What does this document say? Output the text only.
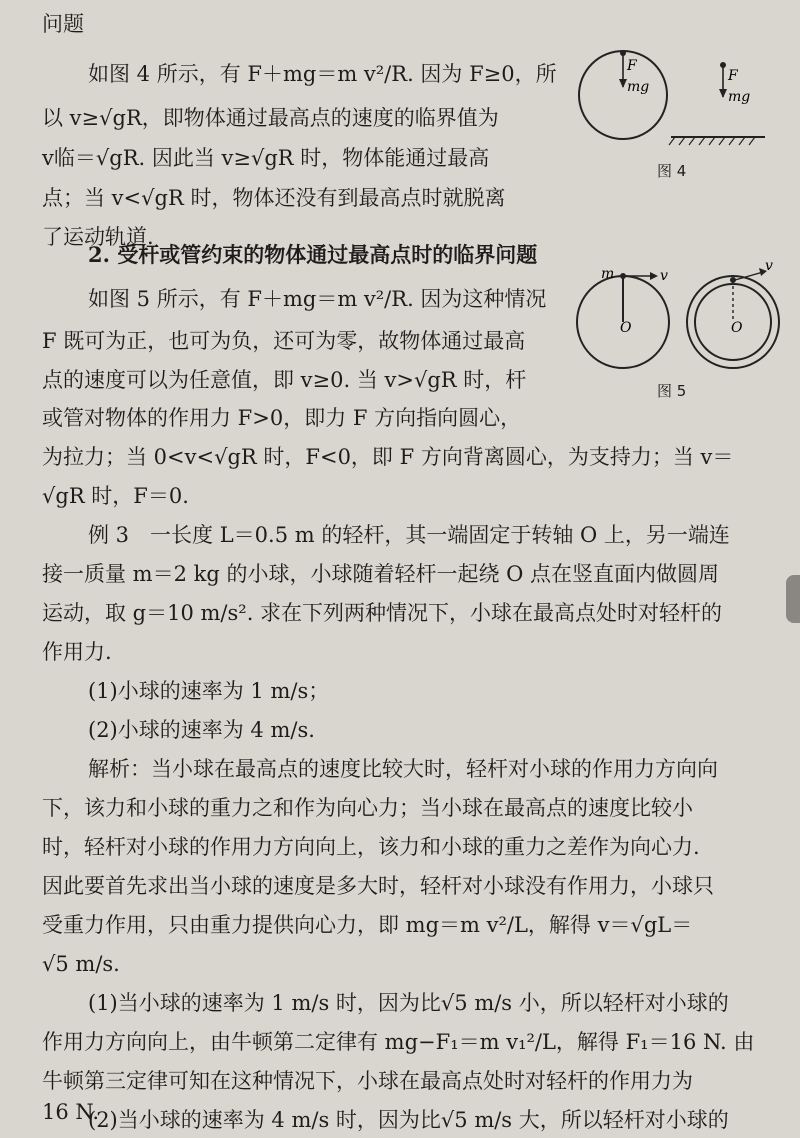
问题
如图 4 所示，有 F＋mg＝m v²/R. 因为 F≥0，所
以 v≥√gR，即物体通过最高点的速度的临界值为
v临＝√gR. 因此当 v≥√gR 时，物体能通过最高
点；当 v<√gR 时，物体还没有到最高点时就脱离
了运动轨道.
2. 受杆或管约束的物体通过最高点时的临界问题
如图 5 所示，有 F＋mg＝m v²/R. 因为这种情况
F 既可为正，也可为负，还可为零，故物体通过最高
点的速度可以为任意值，即 v≥0. 当 v>√gR 时，杆
或管对物体的作用力 F>0，即力 F 方向指向圆心，
为拉力；当 0<v<√gR 时，F<0，即 F 方向背离圆心，为支持力；当 v＝
√gR 时，F＝0.
例 3　一长度 L＝0.5 m 的轻杆，其一端固定于转轴 O 上，另一端连
接一质量 m＝2 kg 的小球，小球随着轻杆一起绕 O 点在竖直面内做圆周
运动，取 g＝10 m/s². 求在下列两种情况下，小球在最高点处时对轻杆的
作用力.
(1)小球的速率为 1 m/s；
(2)小球的速率为 4 m/s.
解析：当小球在最高点的速度比较大时，轻杆对小球的作用力方向向
下，该力和小球的重力之和作为向心力；当小球在最高点的速度比较小
时，轻杆对小球的作用力方向向上，该力和小球的重力之差作为向心力.
因此要首先求出当小球的速度是多大时，轻杆对小球没有作用力，小球只
受重力作用，只由重力提供向心力，即 mg＝m v²/L，解得 v＝√gL＝
√5 m/s.
(1)当小球的速率为 1 m/s 时，因为比√5 m/s 小，所以轻杆对小球的
作用力方向向上，由牛顿第二定律有 mg−F₁＝m v₁²/L，解得 F₁＝16 N. 由
牛顿第三定律可知在这种情况下，小球在最高点处时对轻杆的作用力为
16 N.
F
mg
F
mg
图 4
m	v
O
v
O
图 5
(2)当小球的速率为 4 m/s 时，因为比√5 m/s 大，所以轻杆对小球的
